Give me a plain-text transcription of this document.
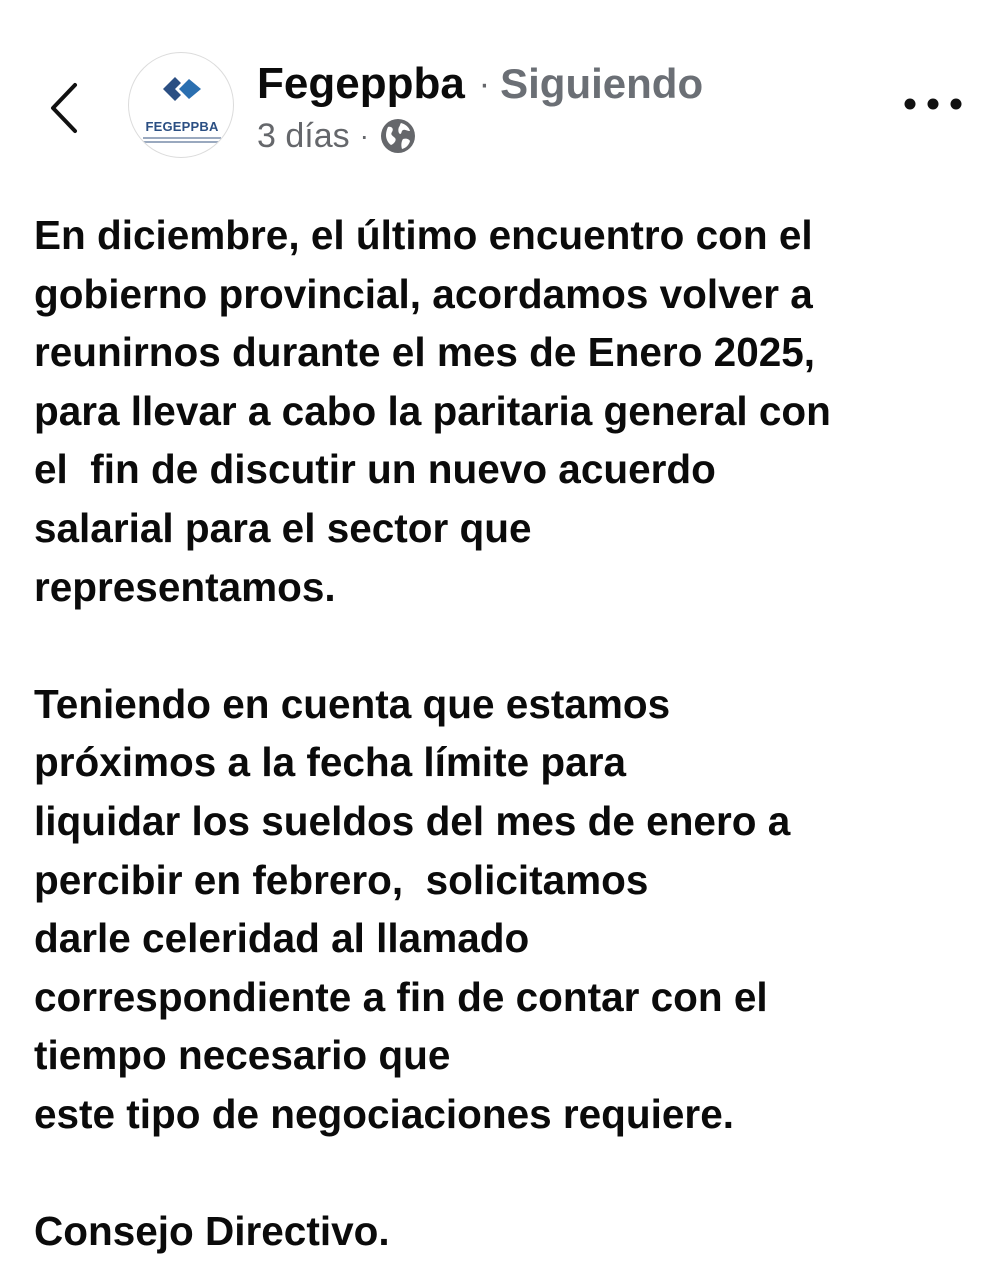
FEGEPPBA
Fegeppba · Siguiendo
3 días ·
En diciembre, el último encuentro con el
gobierno provincial, acordamos volver a
reunirnos durante el mes de Enero 2025,
para llevar a cabo la paritaria general con
el  fin de discutir un nuevo acuerdo
salarial para el sector que
representamos.
Teniendo en cuenta que estamos
próximos a la fecha límite para
liquidar los sueldos del mes de enero a
percibir en febrero,  solicitamos
darle celeridad al llamado
correspondiente a fin de contar con el
tiempo necesario que
este tipo de negociaciones requiere.
Consejo Directivo.
